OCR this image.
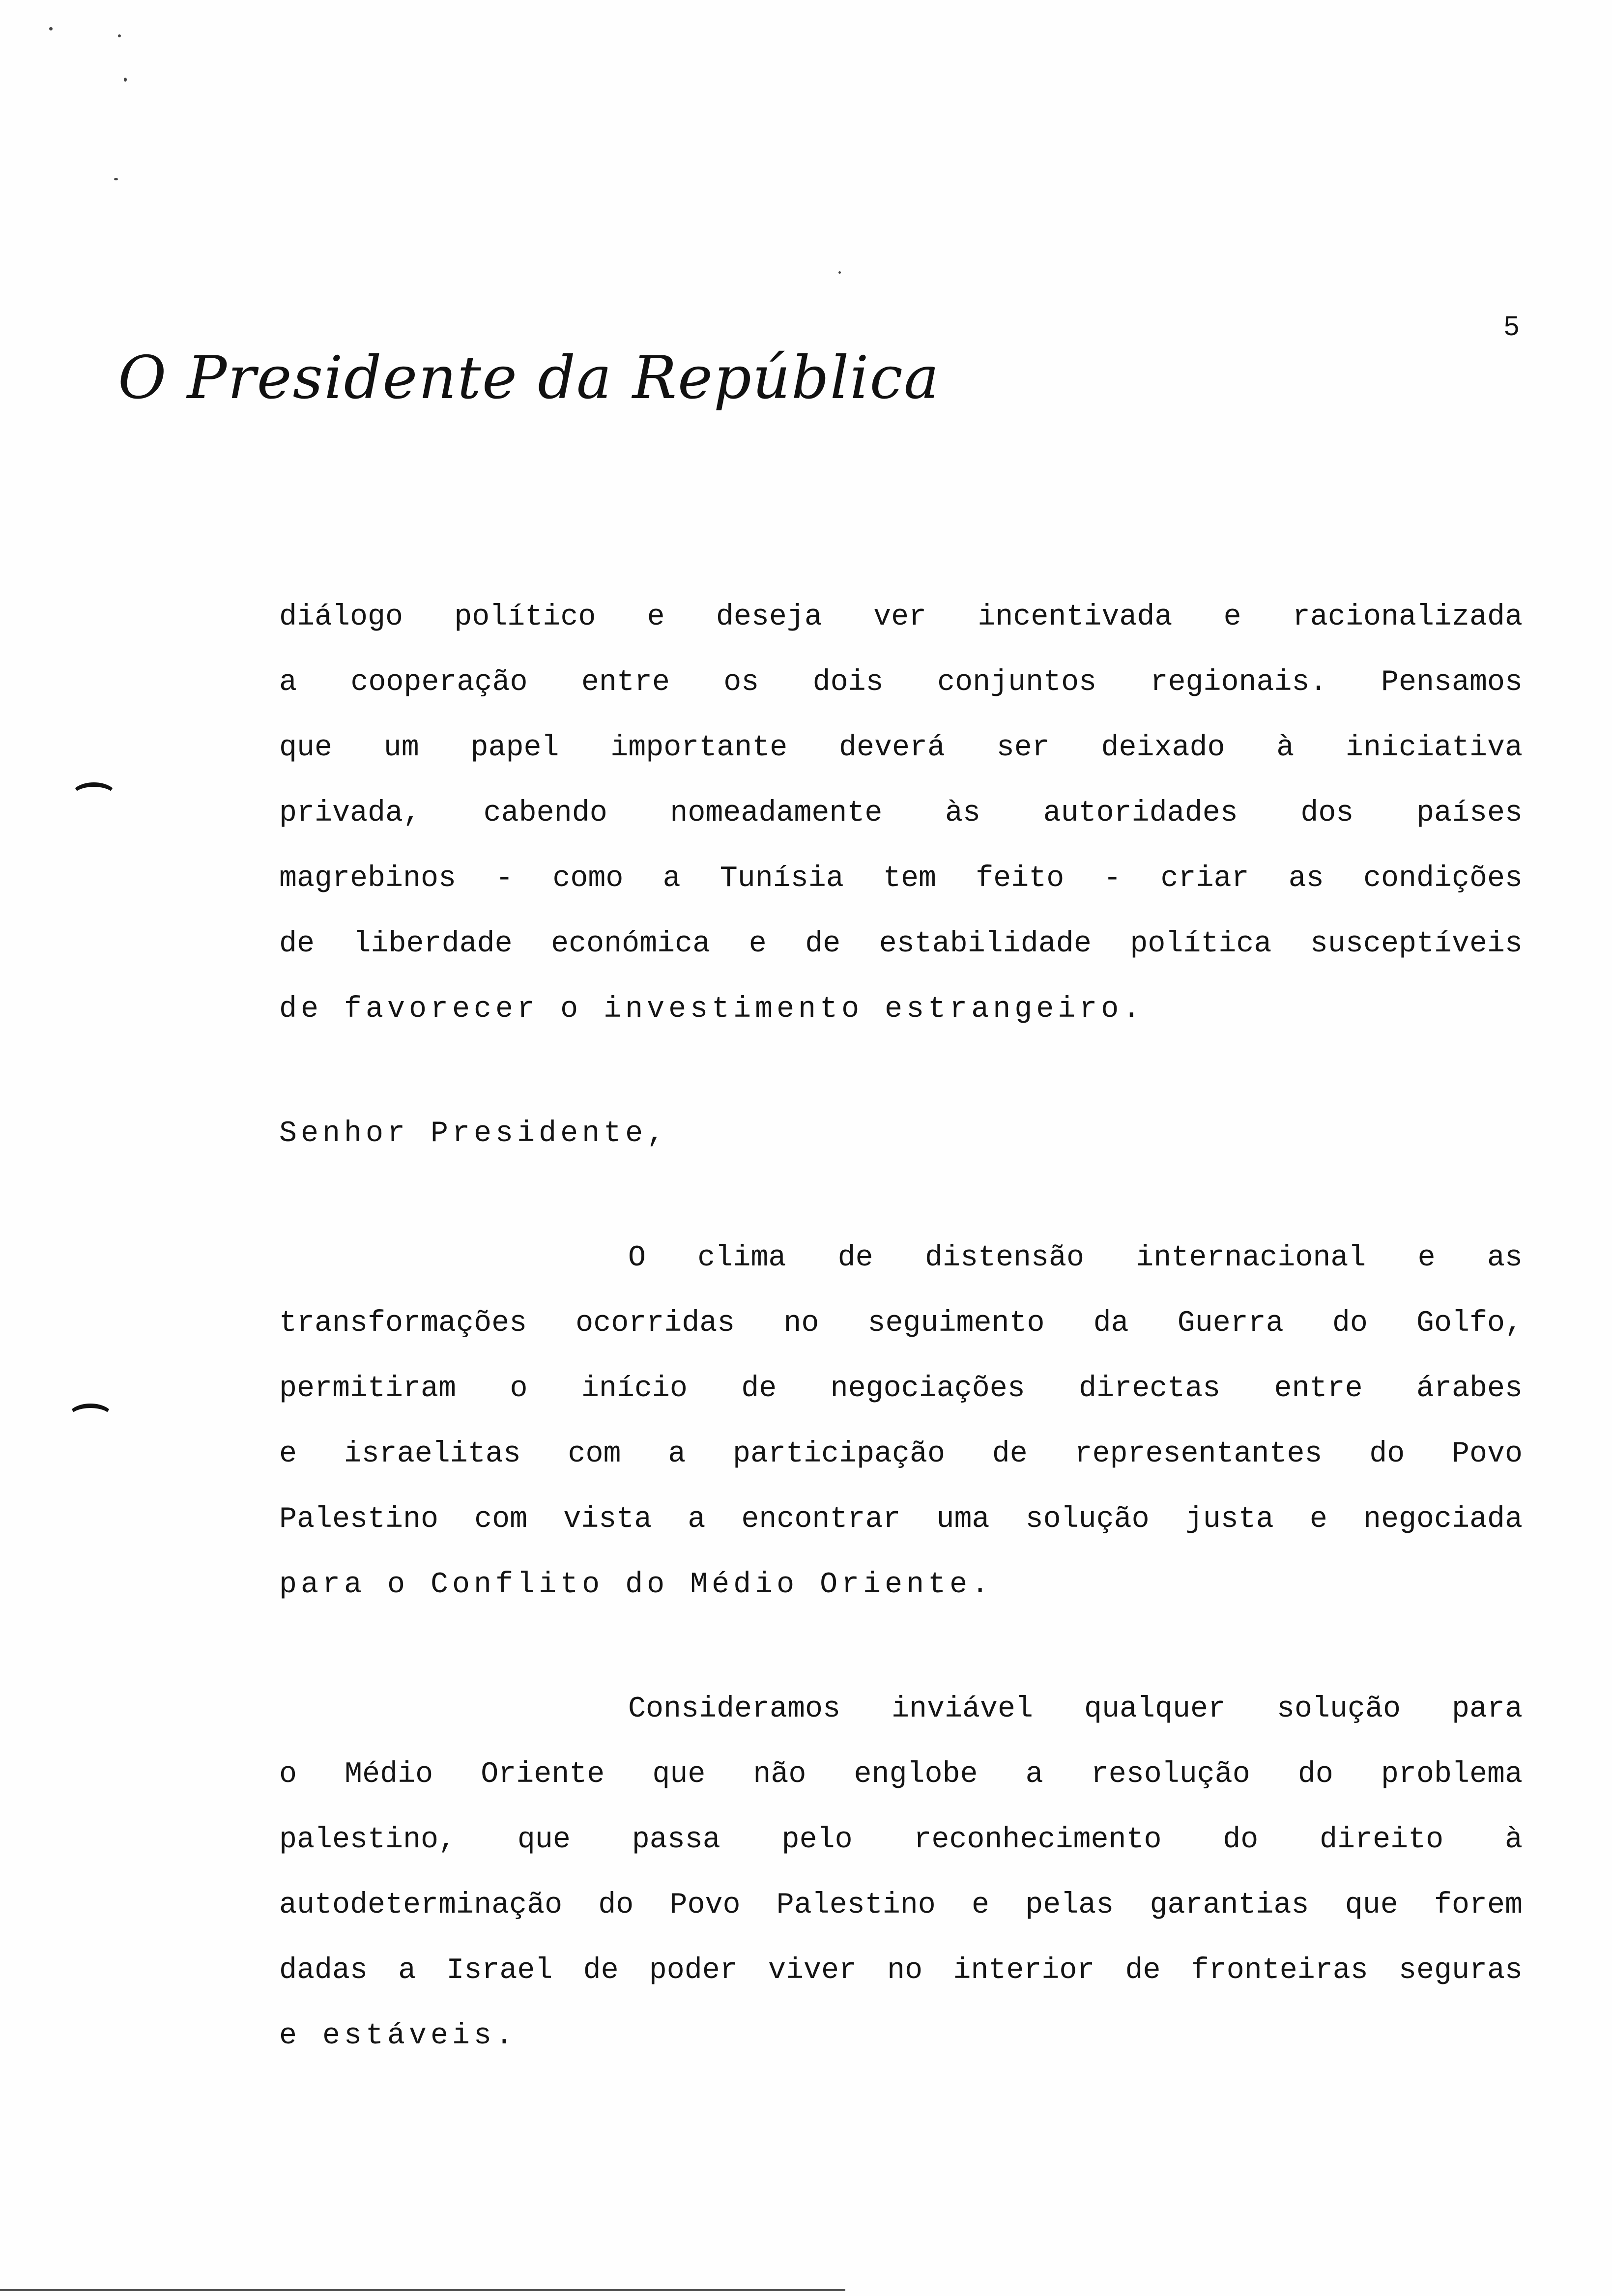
5
O Presidente da República
diálogo político e deseja ver incentivada e racionalizada
a cooperação entre os dois conjuntos regionais. Pensamos
que um papel importante deverá ser deixado à iniciativa
privada, cabendo nomeadamente às autoridades dos países
magrebinos - como a Tunísia tem feito - criar as condições
de liberdade económica e de estabilidade política susceptíveis
de favorecer o investimento estrangeiro.
Senhor Presidente,
O clima de distensão internacional e as
transformações ocorridas no seguimento da Guerra do Golfo,
permitiram o início de negociações directas entre árabes
e israelitas com a participação de representantes do Povo
Palestino com vista a encontrar uma solução justa e negociada
para o Conflito do Médio Oriente.
Consideramos inviável qualquer solução para
o Médio Oriente que não englobe a resolução do problema
palestino, que passa pelo reconhecimento do direito à
autodeterminação do Povo Palestino e pelas garantias que forem
dadas a Israel de poder viver no interior de fronteiras seguras
e estáveis.
